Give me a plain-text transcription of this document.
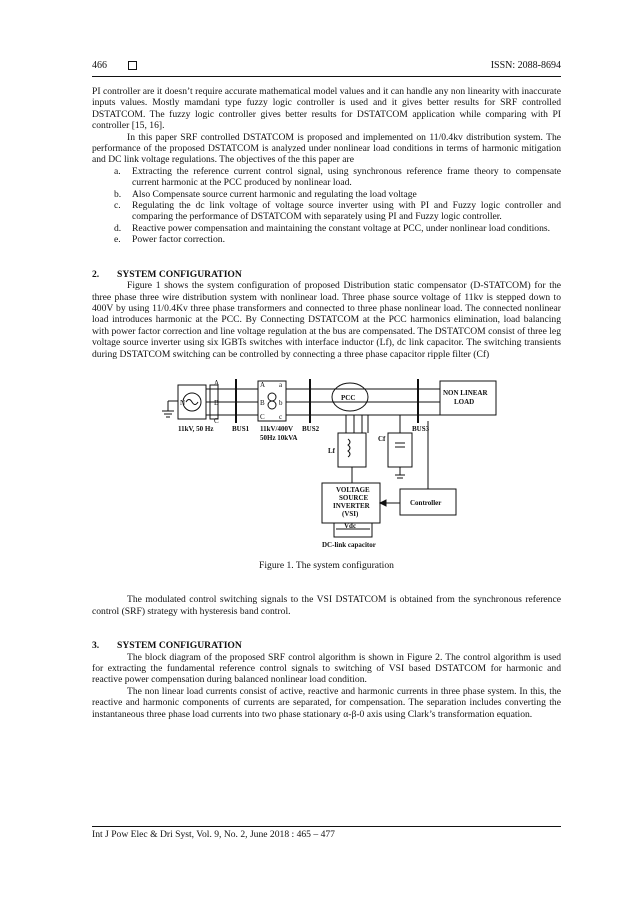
466	ISSN: 2088-8694

PI controller are it doesn’t require accurate mathematical model values and it can handle any non linearity with inaccurate inputs values. Mostly mamdani type fuzzy logic controller is used and it gives better results for SRF controlled DSTATCOM. The fuzzy logic controller gives better results for DSTATCOM application while comparing with PI controller [15, 16].

In this paper SRF controlled DSTATCOM is proposed and implemented on 11/0.4kv distribution system. The performance of the proposed DSTATCOM is analyzed under nonlinear load conditions in terms of harmonic mitigation and DC link voltage regulations. The objectives of the this paper are

a. Extracting the reference current control signal, using synchronous reference frame theory to compensate current harmonic at the PCC produced by nonlinear load.
b. Also Compensate source current harmonic and regulating the load voltage
c. Regulating the dc link voltage of voltage source inverter using with PI and Fuzzy logic controller and comparing the performance of DSTATCOM with separately using PI and Fuzzy logic controller.
d. Reactive power compensation and maintaining the constant voltage at PCC, under nonlinear load conditions.
e. Power factor correction.
2. SYSTEM CONFIGURATION

Figure 1 shows the system configuration of proposed Distribution static compensator (D-STATCOM) for the three phase three wire distribution system with nonlinear load. Three phase source voltage of 11kv is stepped down to 400V by using 11/0.4Kv three phase transformers and connected to three phase nonlinear load. The connected nonlinear load introduces harmonic at the PCC. By Connecting DSTATCOM at the PCC harmonics elimination, load balancing with power factor correction and line voltage regulation at the bus are compensated. The DSTATCOM consist of three leg voltage source inverter using six IGBTs switches with interface inductor (Lf), dc link capacitor. The switching transients during DSTATCOM switching can be controlled by connecting a three phase capacitor ripple filter (Cf)

A
B
C
N
A
B
C
a
b
c
11kV, 50 Hz	BUS1 11kV/400V
50Hz 10kVA
BUS2
PCC
NON LINEAR
LOAD
BUS3
Lf
Cf
VOLTAGE
SOURCE
INVERTER
(VSI)
Controller
Vdc
DC-link capacitor

Figure 1. The system configuration

The modulated control switching signals to the VSI DSTATCOM is obtained from the synchronous reference control (SRF) strategy with hysteresis band control.

3. SYSTEM CONFIGURATION

The block diagram of the proposed SRF control algorithm is shown in Figure 2. The control algorithm is used for extracting the fundamental reference control signals to switching of VSI based DSTATCOM for harmonic and reactive power compensation during balanced nonlinear load condition.

The non linear load currents consist of active, reactive and harmonic currents in three phase system. In this, the reactive and harmonic components of currents are separated, for compensation. The separation includes converting the instantaneous three phase load currents into two phase stationary α-β-0 axis using Clark’s transformation equation.

Int J Pow Elec & Dri Syst, Vol. 9, No. 2, June 2018 : 465 – 477
